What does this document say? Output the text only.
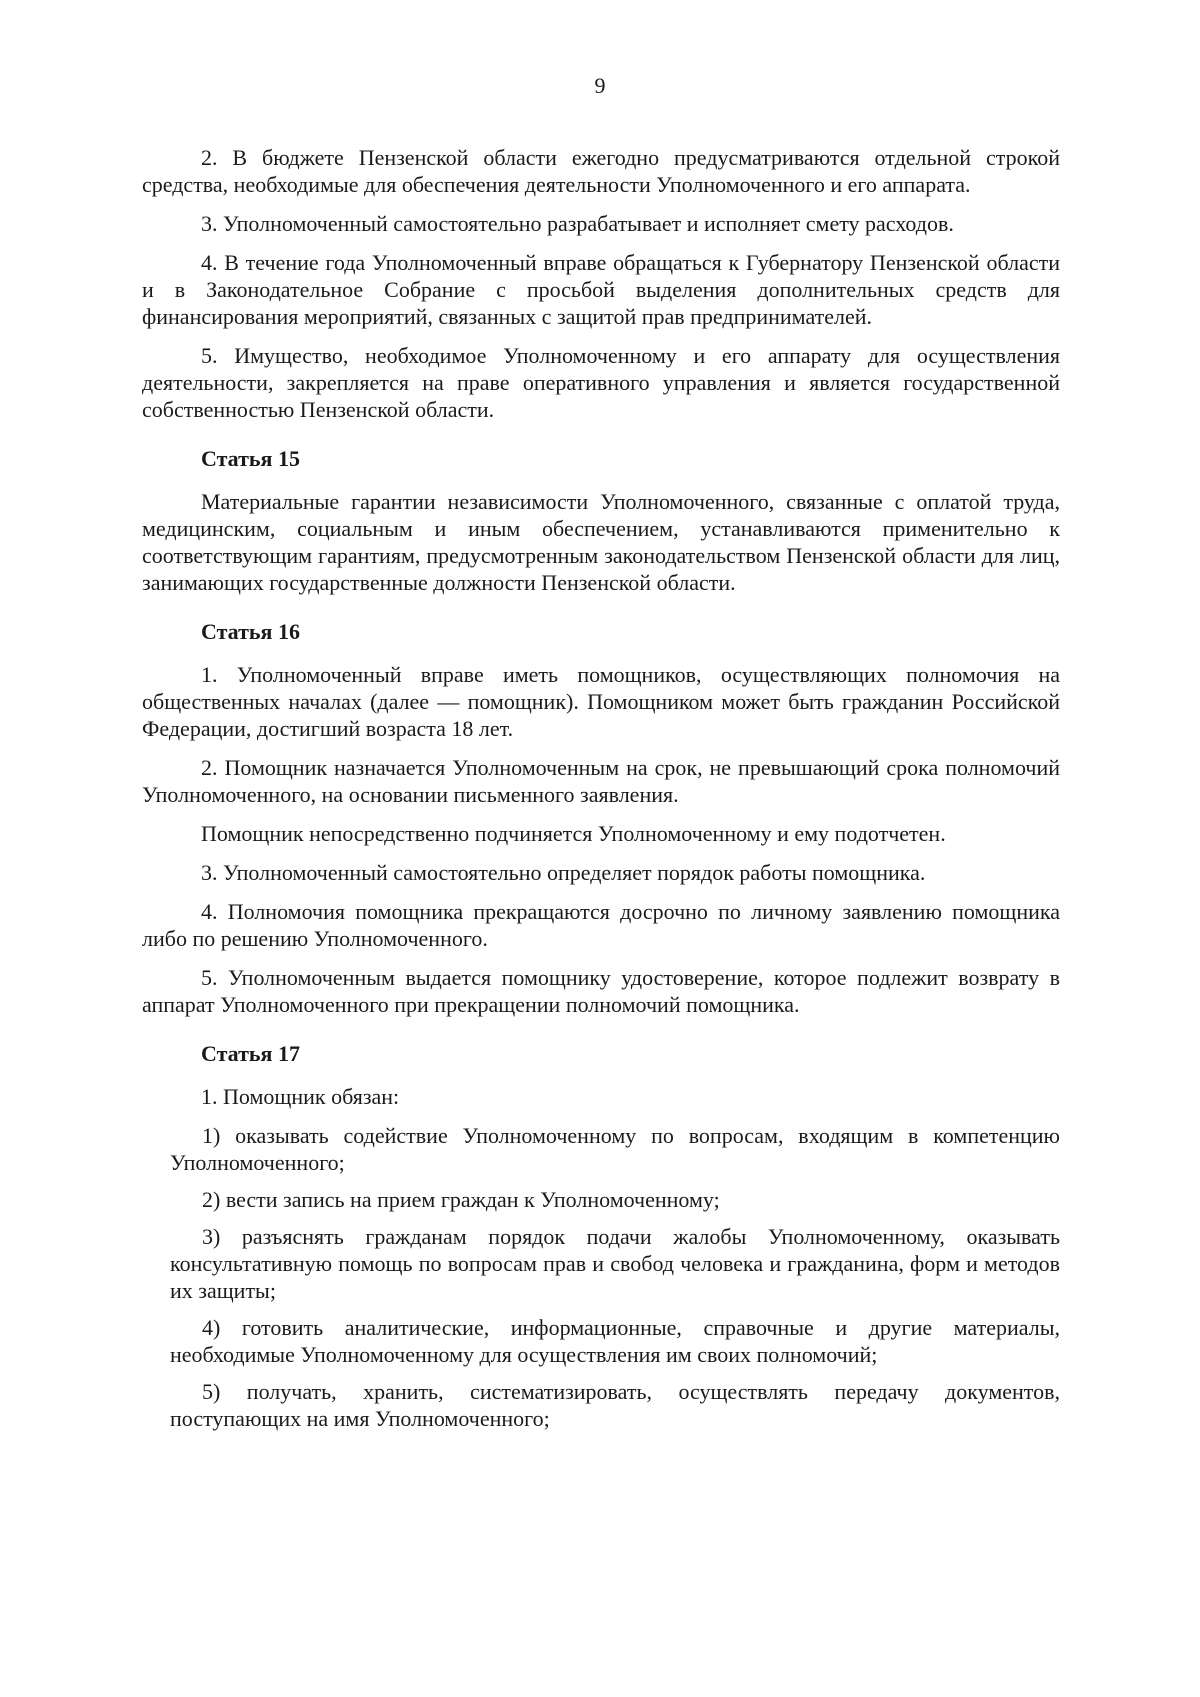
9

2. В бюджете Пензенской области ежегодно предусматриваются отдельной строкой средства, необходимые для обеспечения деятельности Уполномоченного и его аппарата.

3. Уполномоченный самостоятельно разрабатывает и исполняет смету расходов.

4. В течение года Уполномоченный вправе обращаться к Губернатору Пензенской области и в Законодательное Собрание с просьбой выделения дополнительных средств для финансирования мероприятий, связанных с защитой прав предпринимателей.

5. Имущество, необходимое Уполномоченному и его аппарату для осуществления деятельности, закрепляется на праве оперативного управления и является государственной собственностью Пензенской области.

Статья 15

Материальные гарантии независимости Уполномоченного, связанные с оплатой труда, медицинским, социальным и иным обеспечением, устанавливаются применительно к соответствующим гарантиям, предусмотренным законодательством Пензенской области для лиц, занимающих государственные должности Пензенской области.

Статья 16

1. Уполномоченный вправе иметь помощников, осуществляющих полномочия на общественных началах (далее — помощник). Помощником может быть гражданин Российской Федерации, достигший возраста 18 лет.

2. Помощник назначается Уполномоченным на срок, не превышающий срока полномочий Уполномоченного, на основании письменного заявления.

Помощник непосредственно подчиняется Уполномоченному и ему подотчетен.

3. Уполномоченный самостоятельно определяет порядок работы помощника.

4. Полномочия помощника прекращаются досрочно по личному заявлению помощника либо по решению Уполномоченного.

5. Уполномоченным выдается помощнику удостоверение, которое подлежит возврату в аппарат Уполномоченного при прекращении полномочий помощника.

Статья 17

1. Помощник обязан:

1) оказывать содействие Уполномоченному по вопросам, входящим в компетенцию Уполномоченного;

2) вести запись на прием граждан к Уполномоченному;

3) разъяснять гражданам порядок подачи жалобы Уполномоченному, оказывать консультативную помощь по вопросам прав и свобод человека и гражданина, форм и методов их защиты;

4) готовить аналитические, информационные, справочные и другие материалы, необходимые Уполномоченному для осуществления им своих полномочий;

5) получать, хранить, систематизировать, осуществлять передачу документов, поступающих на имя Уполномоченного;
